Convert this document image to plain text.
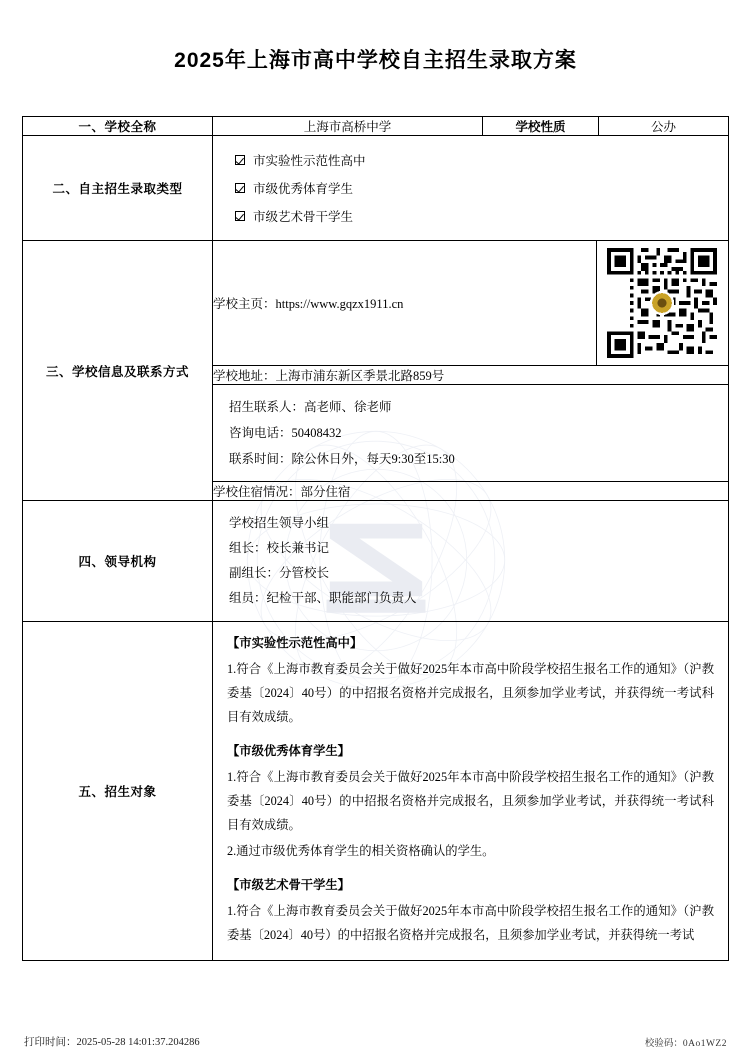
2025年上海市高中学校自主招生录取方案
一、学校全称	上海市高桥中学	学校性质	公办
二、自主招生录取类型	
市实验性示范性高中
市级优秀体育学生
市级艺术骨干学生

三、学校信息及联系方式	
学校主页：https://www.gqzx1911.cn	

学校地址：上海市浦东新区季景北路859号

招生联系人：高老师、徐老师
咨询电话：50408432
联系时间：除公休日外，每天9:30至15:30

学校住宿情况：部分住宿

四、领导机构	
学校招生领导小组
组长：校长兼书记
副组长：分管校长
组员：纪检干部、职能部门负责人

五、招生对象	
【市实验性示范性高中】

1.符合《上海市教育委员会关于做好2025年本市高中阶段学校招生报名工作的通知》（沪教委基〔2024〕40号）的中招报名资格并完成报名，且须参加学业考试，并获得统一考试科目有效成绩。

【市级优秀体育学生】

1.符合《上海市教育委员会关于做好2025年本市高中阶段学校招生报名工作的通知》（沪教委基〔2024〕40号）的中招报名资格并完成报名，且须参加学业考试，并获得统一考试科目有效成绩。

2.通过市级优秀体育学生的相关资格确认的学生。

【市级艺术骨干学生】

1.符合《上海市教育委员会关于做好2025年本市高中阶段学校招生报名工作的通知》（沪教委基〔2024〕40号）的中招报名资格并完成报名，且须参加学业考试，并获得统一考试

打印时间：2025-05-28 14:01:37.204286	校验码：0Ao1WZ2
